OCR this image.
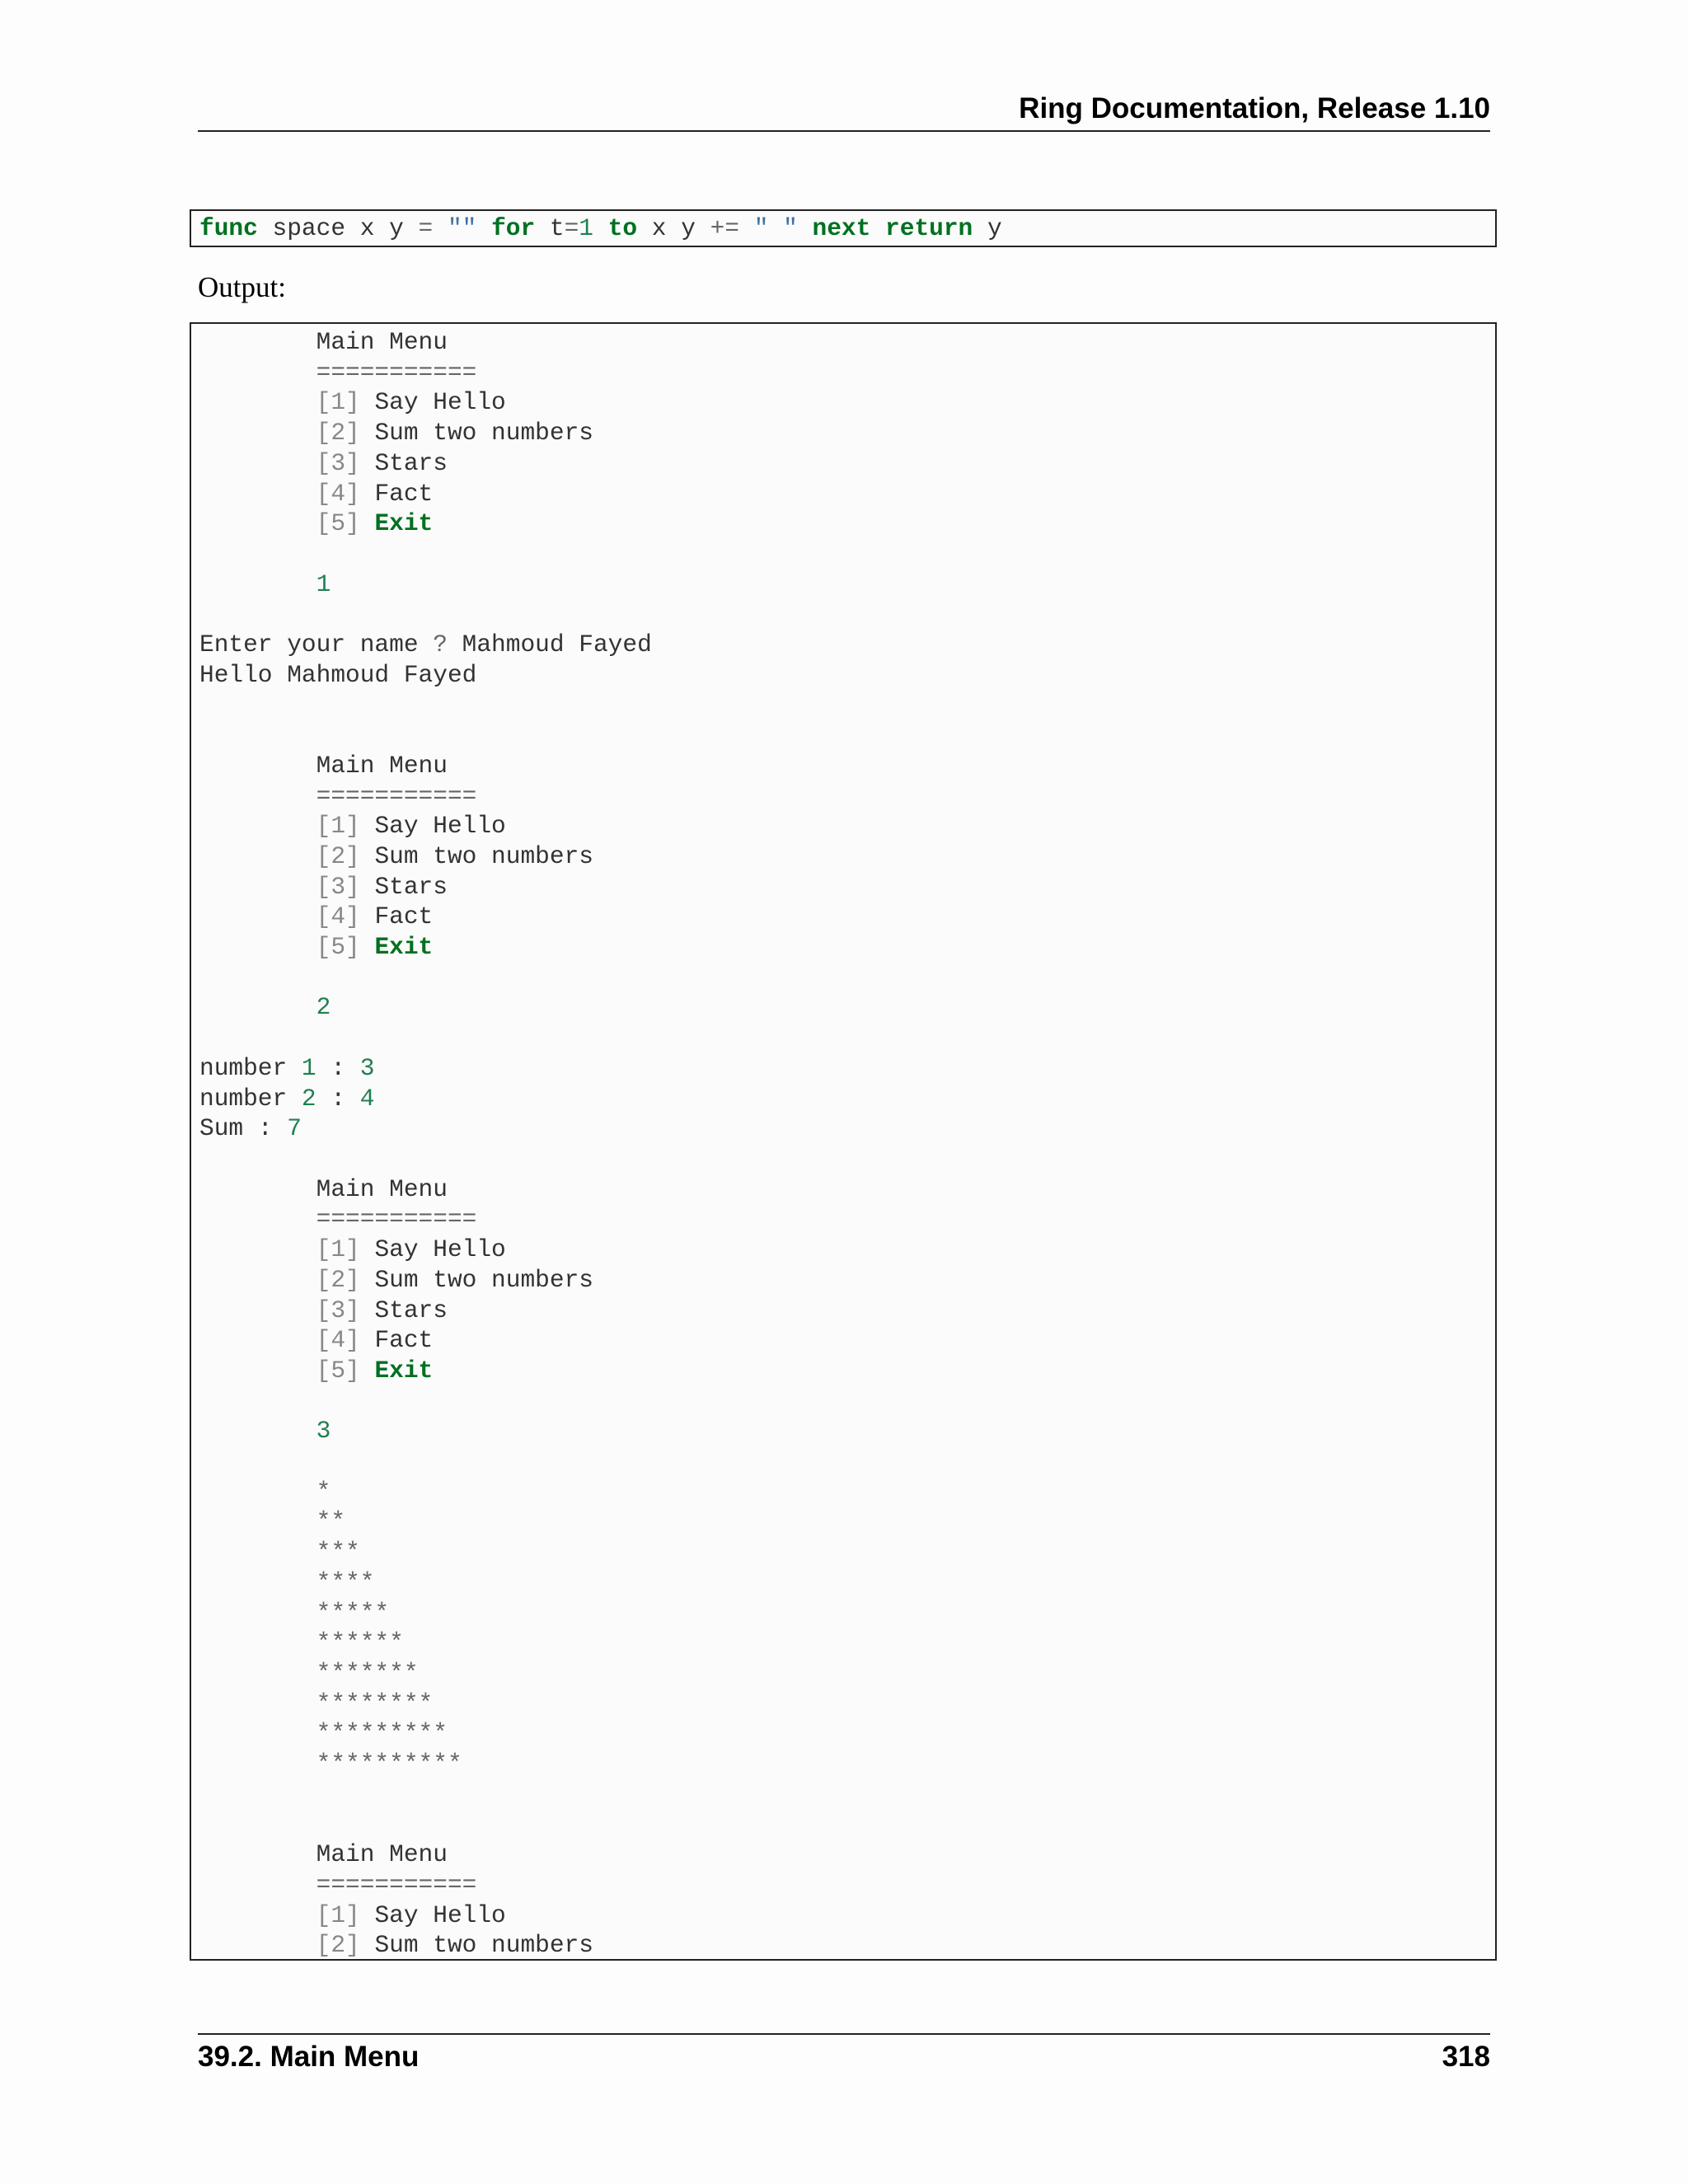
Ring Documentation, Release 1.10
func space x y = "" for t=1 to x y += " " next return y

Output:

Main Menu
===========
[1] Say Hello
[2] Sum two numbers
[3] Stars
[4] Fact
[5] Exit

1

Enter your name ? Mahmoud Fayed
Hello Mahmoud Fayed

Main Menu
===========
[1] Say Hello
[2] Sum two numbers
[3] Stars
[4] Fact
[5] Exit

2

number 1 : 3
number 2 : 4
Sum : 7

Main Menu
===========
[1] Say Hello
[2] Sum two numbers
[3] Stars
[4] Fact
[5] Exit

3

*
**
***
****
*****
******
*******
********
*********
**********

Main Menu
===========
[1] Say Hello
[2] Sum two numbers

39.2. Main Menu	318
